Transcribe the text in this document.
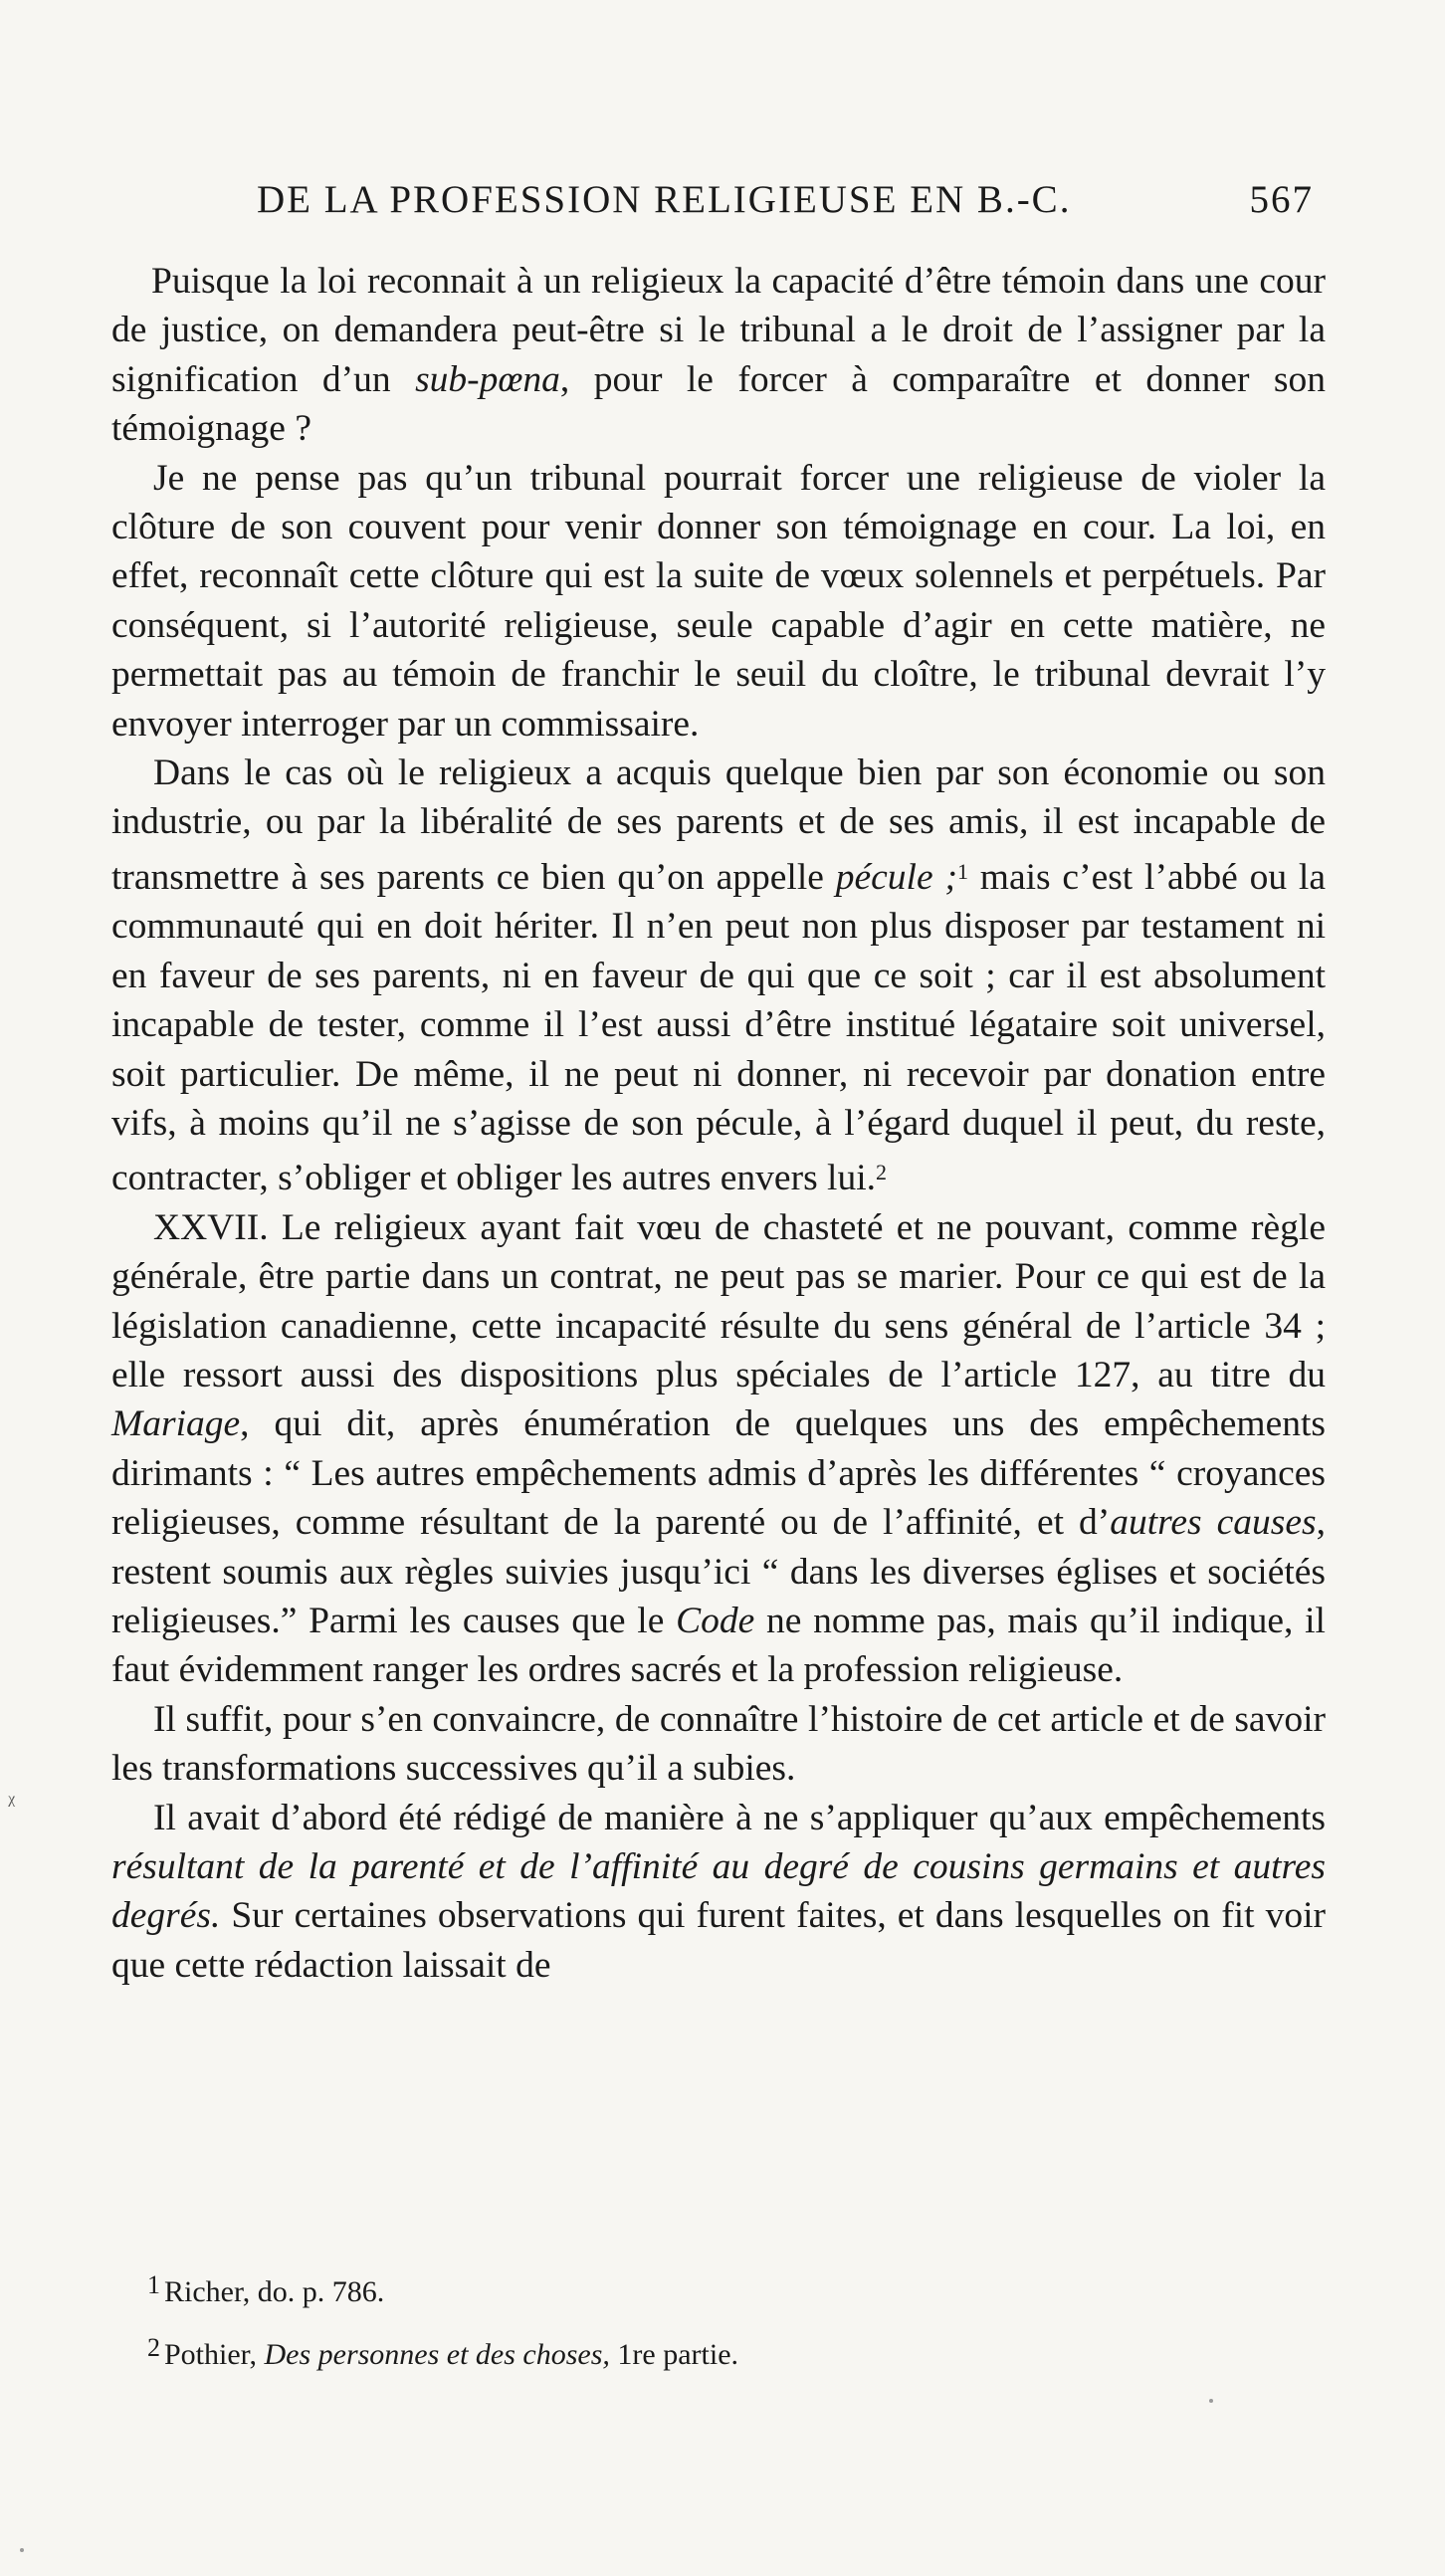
DE LA PROFESSION RELIGIEUSE EN B.-C.	567

Puisque la loi reconnait à un religieux la capacité d’être témoin dans une cour de justice, on demandera peut-être si le tribunal a le droit de l’assigner par la signification d’un sub-pœna, pour le forcer à comparaître et donner son témoignage ?

Je ne pense pas qu’un tribunal pourrait forcer une religieuse de violer la clôture de son couvent pour venir donner son témoignage en cour. La loi, en effet, reconnaît cette clôture qui est la suite de vœux solennels et perpétuels. Par conséquent, si l’autorité religieuse, seule capable d’agir en cette matière, ne permettait pas au témoin de franchir le seuil du cloître, le tribunal devrait l’y envoyer interroger par un commissaire.

Dans le cas où le religieux a acquis quelque bien par son économie ou son industrie, ou par la libéralité de ses parents et de ses amis, il est incapable de transmettre à ses parents ce bien qu’on appelle pécule ;$^1$ mais c’est l’abbé ou la communauté qui en doit hériter. Il n’en peut non plus disposer par testament ni en faveur de ses parents, ni en faveur de qui que ce soit ; car il est absolument incapable de tester, comme il l’est aussi d’être institué légataire soit universel, soit particulier. De même, il ne peut ni donner, ni recevoir par donation entre vifs, à moins qu’il ne s’agisse de son pécule, à l’égard duquel il peut, du reste, contracter, s’obliger et obliger les autres envers lui.$^2$

XXVII. Le religieux ayant fait vœu de chasteté et ne pouvant, comme règle générale, être partie dans un contrat, ne peut pas se marier. Pour ce qui est de la législation canadienne, cette incapacité résulte du sens général de l’article 34 ; elle ressort aussi des dispositions plus spéciales de l’article 127, au titre du Mariage, qui dit, après énumération de quelques uns des empêchements dirimants : “ Les autres empêchements admis d’après les différentes “ croyances religieuses, comme résultant de la parenté ou de l’affinité, et d’autres causes, restent soumis aux règles suivies jusqu’ici “ dans les diverses églises et sociétés religieuses.” Parmi les causes que le Code ne nomme pas, mais qu’il indique, il faut évidemment ranger les ordres sacrés et la profession religieuse.

Il suffit, pour s’en convaincre, de connaître l’histoire de cet article et de savoir les transformations successives qu’il a subies.

Il avait d’abord été rédigé de manière à ne s’appliquer qu’aux empêchements résultant de la parenté et de l’affinité au degré de cousins germains et autres degrés. Sur certaines observations qui furent faites, et dans lesquelles on fit voir que cette rédaction laissait de

1 Richer, do. p. 786.
2 Pothier, Des personnes et des choses, 1re partie.
ᵡ
